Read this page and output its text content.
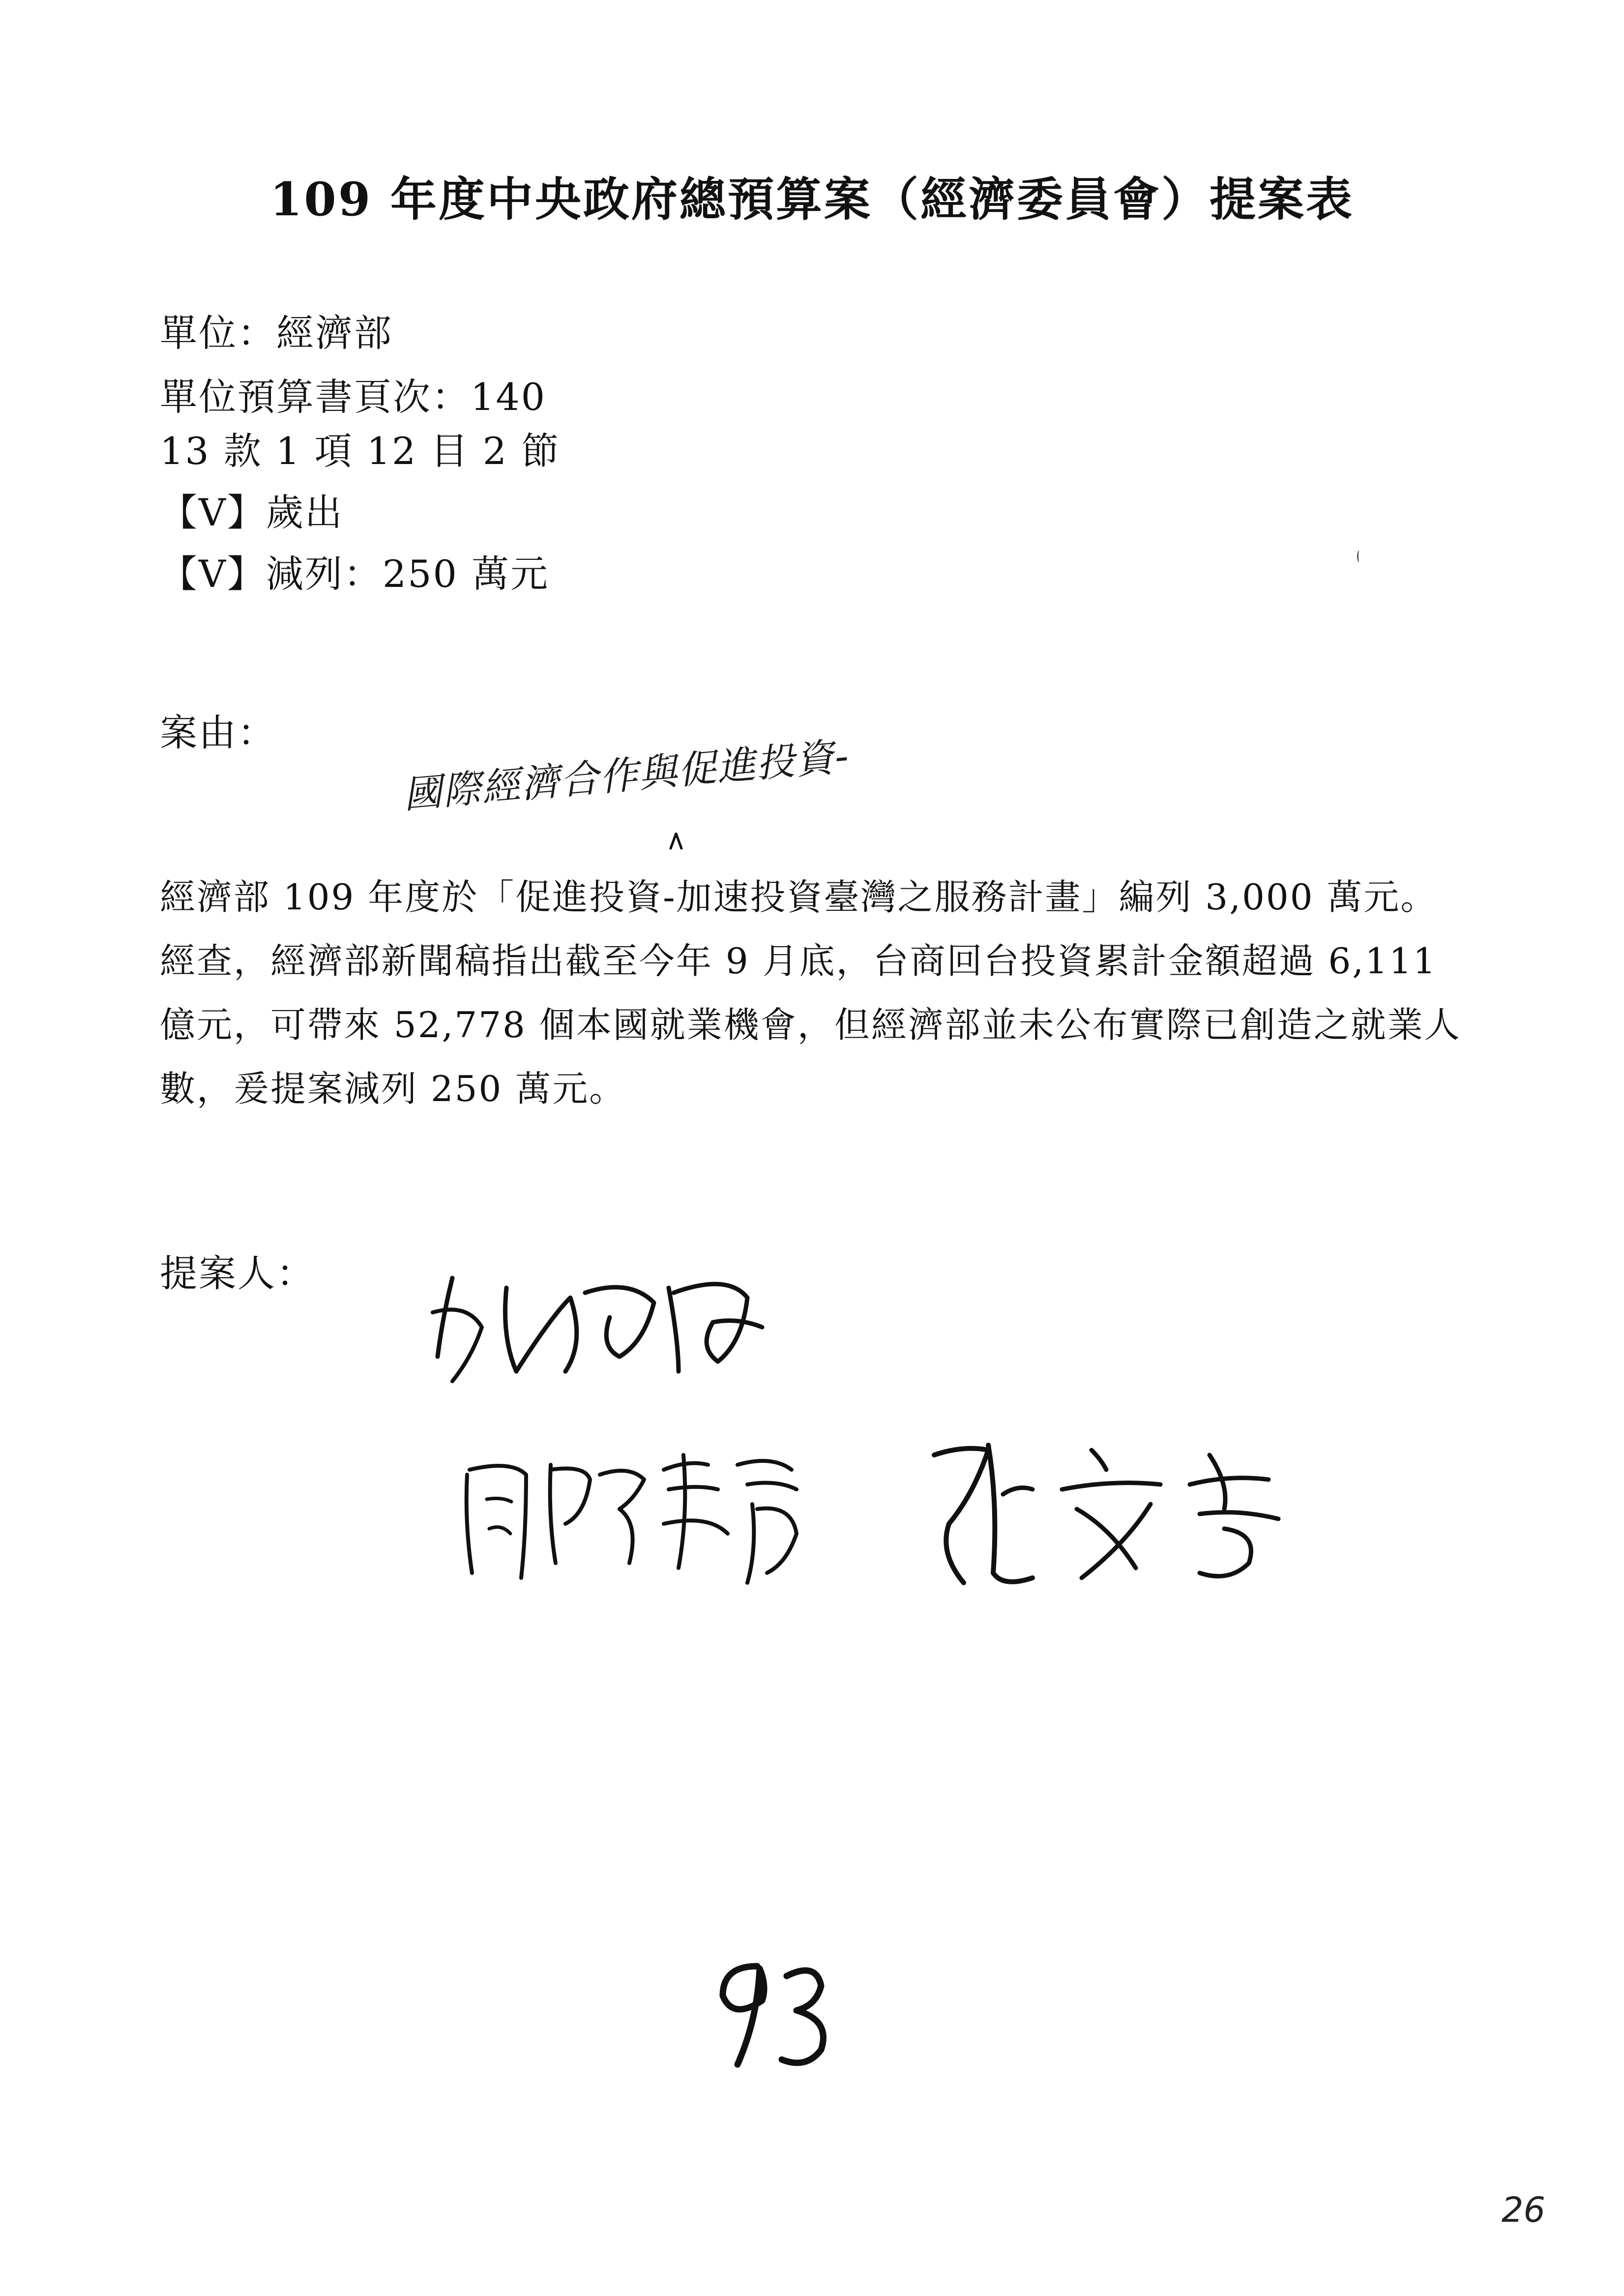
109 年度中央政府總預算案（經濟委員會）提案表
單位：經濟部
單位預算書頁次：140
13 款 1 項 12 目 2 節
【V】歲出
【V】減列：250 萬元
案由：
國際經濟合作與促進投資-

經濟部 109 年度於「促進投資-加速投資臺灣之服務計畫」編列 3,000 萬元。

經查，經濟部新聞稿指出截至今年 9 月底，台商回台投資累計金額超過 6,111

億元，可帶來 52,778 個本國就業機會，但經濟部並未公布實際已創造之就業人

數，爰提案減列 250 萬元。

提案人：
26
